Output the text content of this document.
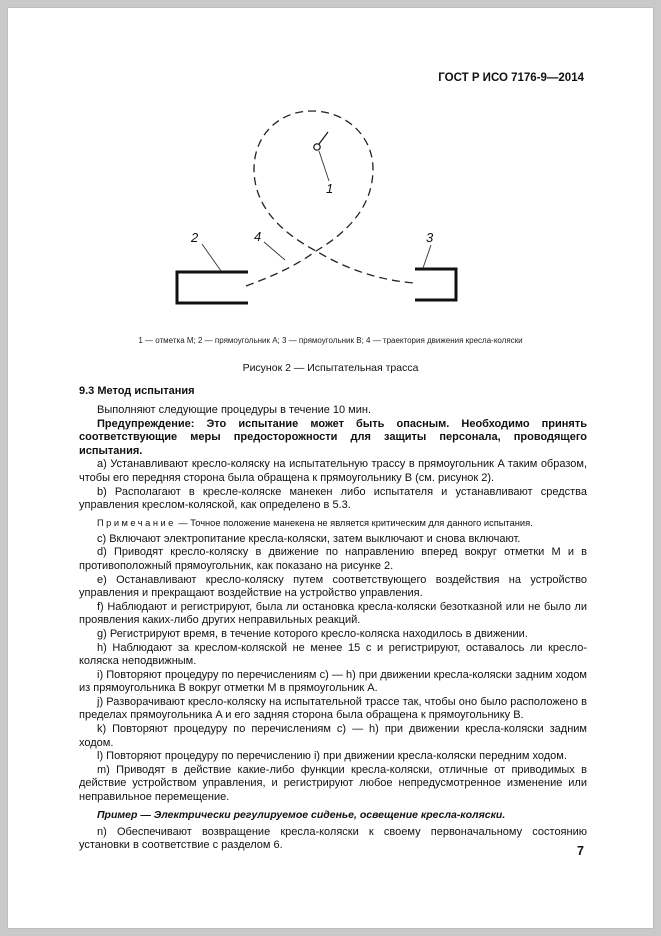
ГОСТ Р ИСО 7176-9—2014
1
2	4	3
1 — отметка M; 2 — прямоугольник A; 3 — прямоугольник B; 4 — траектория движения кресла-коляски
Рисунок 2 — Испытательная трасса
9.3 Метод испытания

Выполняют следующие процедуры в течение 10 мин.

Предупреждение: Это испытание может быть опасным. Необходимо принять соответствующие меры предосторожности для защиты персонала, проводящего испытания.

a) Устанавливают кресло-коляску на испытательную трассу в прямоугольник A таким образом, чтобы его передняя сторона была обращена к прямоугольнику B (см. рисунок 2).

b) Располагают в кресле-коляске манекен либо испытателя и устанавливают средства управления креслом-коляской, как определено в 5.3.

Примечание — Точное положение манекена не является критическим для данного испытания.

c) Включают электропитание кресла-коляски, затем выключают и снова включают.

d) Приводят кресло-коляску в движение по направлению вперед вокруг отметки M и в противоположный прямоугольник, как показано на рисунке 2.

e) Останавливают кресло-коляску путем соответствующего воздействия на устройство управления и прекращают воздействие на устройство управления.

f) Наблюдают и регистрируют, была ли остановка кресла-коляски безотказной или не было ли проявления каких-либо других неправильных реакций.

g) Регистрируют время, в течение которого кресло-коляска находилось в движении.

h) Наблюдают за креслом-коляской не менее 15 с и регистрируют, оставалось ли кресло-коляска неподвижным.

i) Повторяют процедуру по перечислениям c) — h) при движении кресла-коляски задним ходом из прямоугольника B вокруг отметки M в прямоугольник A.

j) Разворачивают кресло-коляску на испытательной трассе так, чтобы оно было расположено в пределах прямоугольника A и его задняя сторона была обращена к прямоугольнику B.

k) Повторяют процедуру по перечислениям c) — h) при движении кресла-коляски задним ходом.

l) Повторяют процедуру по перечислению i) при движении кресла-коляски передним ходом.

m) Приводят в действие какие-либо функции кресла-коляски, отличные от приводимых в действие устройством управления, и регистрируют любое непредусмотренное изменение или неправильное перемещение.

Пример — Электрически регулируемое сиденье, освещение кресла-коляски.

n) Обеспечивают возвращение кресла-коляски к своему первоначальному состоянию установки в соответствие с разделом 6.	7
